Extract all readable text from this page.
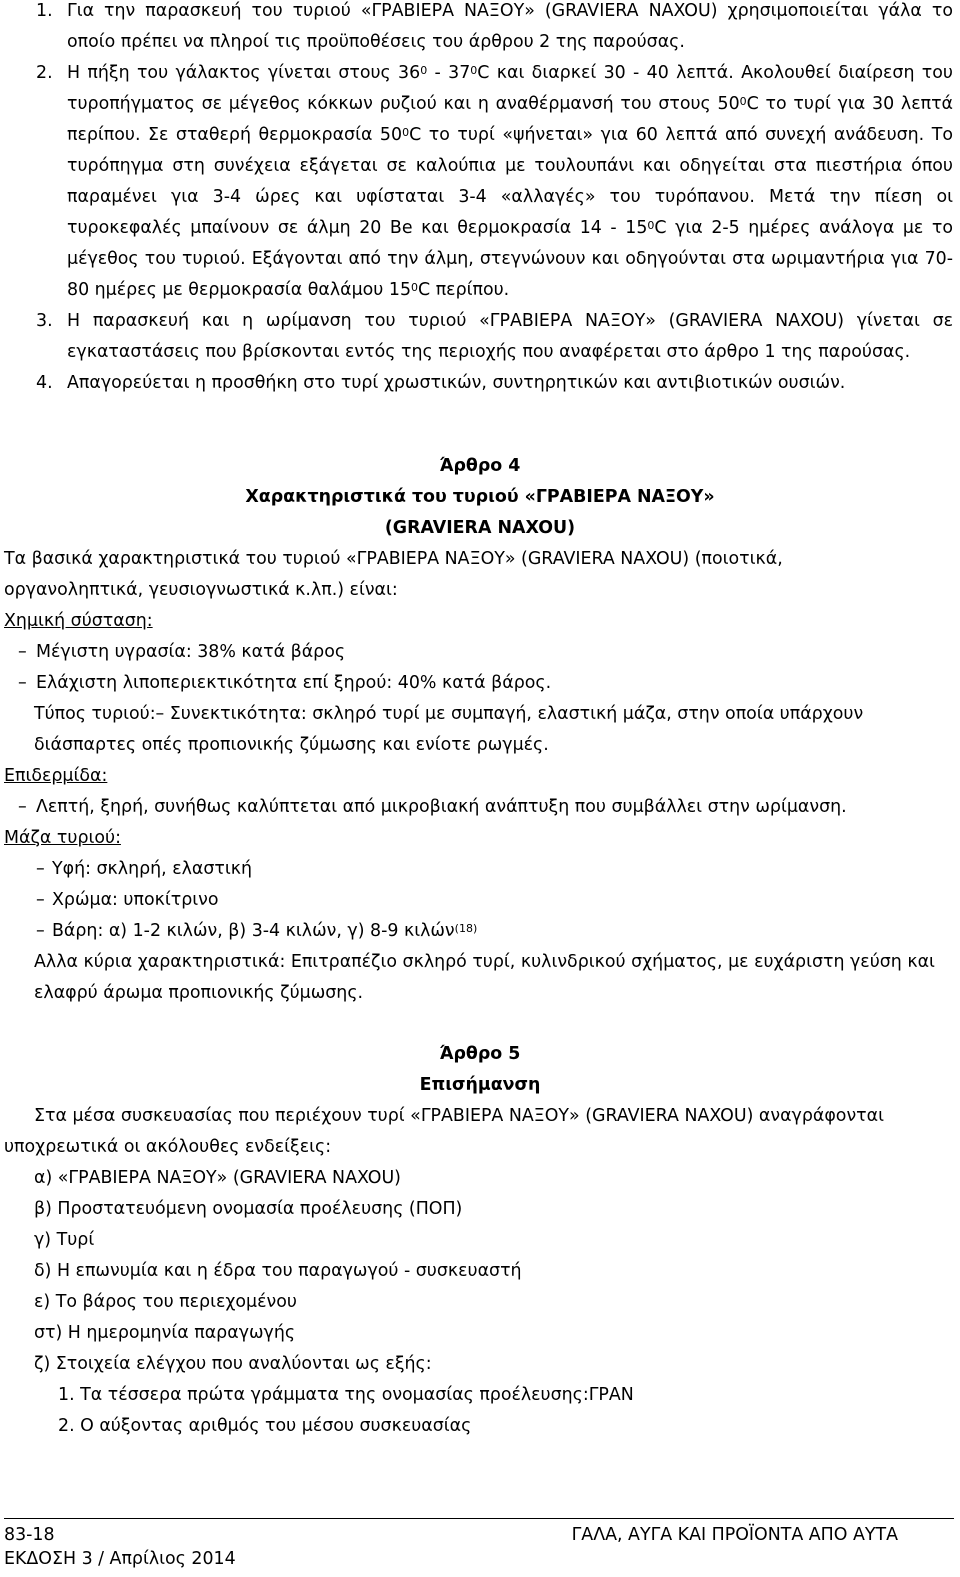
1. Για την παρασκευή του τυριού «ΓΡΑΒΙΕΡΑ ΝΑΞΟΥ» (GRAVIERA NAXOU) χρησιμοποιείται γάλα το οποίο πρέπει να πληροί τις προϋποθέσεις του άρθρου 2 της παρούσας.
2. Η πήξη του γάλακτος γίνεται στους $36^0 - 37^0C$ και διαρκεί 30 - 40 λεπτά. Ακολουθεί διαίρεση του τυροπήγματος σε μέγεθος κόκκων ρυζιού και η αναθέρμανσή του στους $50^0C$ το τυρί για 30 λεπτά περίπου. Σε σταθερή θερμοκρασία $50^0C$ το τυρί «ψήνεται» για 60 λεπτά από συνεχή ανάδευση. Το τυρόπηγμα στη συνέχεια εξάγεται σε καλούπια με τουλουπάνι και οδηγείται στα πιεστήρια όπου παραμένει για 3-4 ώρες και υφίσταται 3-4 «αλλαγές» του τυρόπανου. Μετά την πίεση οι τυροκεφαλές μπαίνουν σε άλμη 20 Be και θερμοκρασία $14 - 15^0C$ για 2-5 ημέρες ανάλογα με το μέγεθος του τυριού. Εξάγονται από την άλμη, στεγνώνουν και οδηγούνται στα ωριμαντήρια για 70-80 ημέρες με θερμοκρασία θαλάμου $15^0C$ περίπου.
3. Η παρασκευή και η ωρίμανση του τυριού «ΓΡΑΒΙΕΡΑ ΝΑΞΟΥ» (GRAVIERA NAXOU) γίνεται σε εγκαταστάσεις που βρίσκονται εντός της περιοχής που αναφέρεται στο άρθρο 1 της παρούσας.
4. Απαγορεύεται η προσθήκη στο τυρί χρωστικών, συντηρητικών και αντιβιοτικών ουσιών.
Άρθρο 4
Χαρακτηριστικά του τυριού «ΓΡΑΒΙΕΡΑ ΝΑΞΟΥ»
(GRAVIERA NAXOU)
Τα βασικά χαρακτηριστικά του τυριού «ΓΡΑΒΙΕΡΑ ΝΑΞΟΥ» (GRAVIERA NAXOU) (ποιοτικά,
οργανοληπτικά, γευσιογνωστικά κ.λπ.) είναι:
Χημική σύσταση:
– Μέγιστη υγρασία: 38% κατά βάρος
– Ελάχιστη λιποπεριεκτικότητα επί ξηρού: 40% κατά βάρος.
Τύπος τυριού:– Συνεκτικότητα: σκληρό τυρί με συμπαγή, ελαστική μάζα, στην οποία υπάρχουν
διάσπαρτες οπές προπιονικής ζύμωσης και ενίοτε ρωγμές.
Επιδερμίδα:
– Λεπτή, ξηρή, συνήθως καλύπτεται από μικροβιακή ανάπτυξη που συμβάλλει στην ωρίμανση.
Μάζα τυριού:
– Υφή: σκληρή, ελαστική
– Χρώμα: υποκίτρινο
– Βάρη: α) 1-2 κιλών, β) 3-4 κιλών, γ) 8-9 κιλών$^{(18)}$
Αλλα κύρια χαρακτηριστικά: Επιτραπέζιο σκληρό τυρί, κυλινδρικού σχήματος, με ευχάριστη γεύση και
ελαφρύ άρωμα προπιονικής ζύμωσης.
Άρθρο 5
Επισήμανση
Στα μέσα συσκευασίας που περιέχουν τυρί «ΓΡΑΒΙΕΡΑ ΝΑΞΟΥ» (GRAVIERA NAXOU) αναγράφονται
υποχρεωτικά οι ακόλουθες ενδείξεις:
α) «ΓΡΑΒΙΕΡΑ ΝΑΞΟΥ» (GRAVIERA NAXOU)
β) Προστατευόμενη ονομασία προέλευσης (ΠΟΠ)
γ) Τυρί
δ) Η επωνυμία και η έδρα του παραγωγού - συσκευαστή
ε) Το βάρος του περιεχομένου
στ) Η ημερομηνία παραγωγής
ζ) Στοιχεία ελέγχου που αναλύονται ως εξής:
1. Τα τέσσερα πρώτα γράμματα της ονομασίας προέλευσης:ΓΡΑΝ
2. Ο αύξοντας αριθμός του μέσου συσκευασίας
83-18
ΕΚΔΟΣΗ 3 / Απρίλιος 2014
ΓΑΛΑ, ΑΥΓΑ ΚΑΙ ΠΡΟΪΟΝΤΑ ΑΠΟ ΑΥΤΑ
